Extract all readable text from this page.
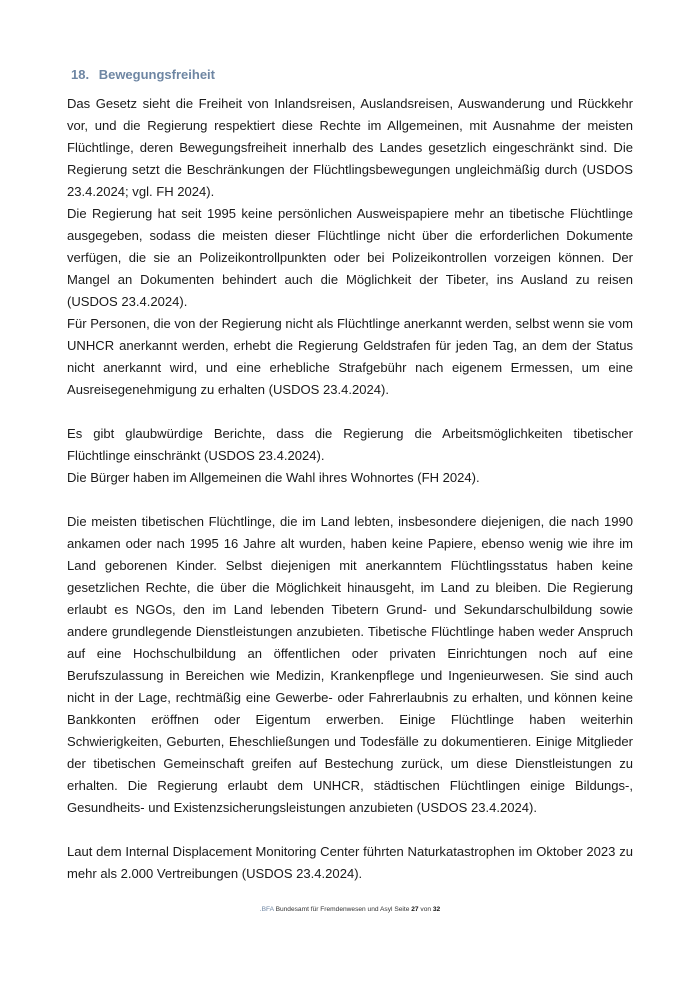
18. Bewegungsfreiheit

Das Gesetz sieht die Freiheit von Inlandsreisen, Auslandsreisen, Auswanderung und Rückkehr vor, und die Regierung respektiert diese Rechte im Allgemeinen, mit Ausnahme der meisten Flüchtlinge, deren Bewegungsfreiheit innerhalb des Landes gesetzlich eingeschränkt sind. Die Regierung setzt die Beschränkungen der Flüchtlingsbewegungen ungleichmäßig durch (USDOS 23.4.2024; vgl. FH 2024).

Die Regierung hat seit 1995 keine persönlichen Ausweispapiere mehr an tibetische Flüchtlinge ausgegeben, sodass die meisten dieser Flüchtlinge nicht über die erforderlichen Dokumente verfügen, die sie an Polizeikontrollpunkten oder bei Polizeikontrollen vorzeigen können. Der Mangel an Dokumenten behindert auch die Möglichkeit der Tibeter, ins Ausland zu reisen (USDOS 23.4.2024).

Für Personen, die von der Regierung nicht als Flüchtlinge anerkannt werden, selbst wenn sie vom UNHCR anerkannt werden, erhebt die Regierung Geldstrafen für jeden Tag, an dem der Status nicht anerkannt wird, und eine erhebliche Strafgebühr nach eigenem Ermessen, um eine Ausreisegenehmigung zu erhalten (USDOS 23.4.2024).

Es gibt glaubwürdige Berichte, dass die Regierung die Arbeitsmöglichkeiten tibetischer Flüchtlinge einschränkt (USDOS 23.4.2024).

Die Bürger haben im Allgemeinen die Wahl ihres Wohnortes (FH 2024).

Die meisten tibetischen Flüchtlinge, die im Land lebten, insbesondere diejenigen, die nach 1990 ankamen oder nach 1995 16 Jahre alt wurden, haben keine Papiere, ebenso wenig wie ihre im Land geborenen Kinder. Selbst diejenigen mit anerkanntem Flüchtlingsstatus haben keine gesetzlichen Rechte, die über die Möglichkeit hinausgeht, im Land zu bleiben. Die Regierung erlaubt es NGOs, den im Land lebenden Tibetern Grund- und Sekundarschulbildung sowie andere grundlegende Dienstleistungen anzubieten. Tibetische Flüchtlinge haben weder Anspruch auf eine Hochschulbildung an öffentlichen oder privaten Einrichtungen noch auf eine Berufszulassung in Bereichen wie Medizin, Krankenpflege und Ingenieurwesen. Sie sind auch nicht in der Lage, rechtmäßig eine Gewerbe- oder Fahrerlaubnis zu erhalten, und können keine Bankkonten eröffnen oder Eigentum erwerben. Einige Flüchtlinge haben weiterhin Schwierigkeiten, Geburten, Eheschließungen und Todesfälle zu dokumentieren. Einige Mitglieder der tibetischen Gemeinschaft greifen auf Bestechung zurück, um diese Dienstleistungen zu erhalten. Die Regierung erlaubt dem UNHCR, städtischen Flüchtlingen einige Bildungs-, Gesundheits- und Existenzsicherungsleistungen anzubieten (USDOS 23.4.2024).

Laut dem Internal Displacement Monitoring Center führten Naturkatastrophen im Oktober 2023 zu mehr als 2.000 Vertreibungen (USDOS 23.4.2024).

.BFA Bundesamt für Fremdenwesen und Asyl Seite 27 von 32
